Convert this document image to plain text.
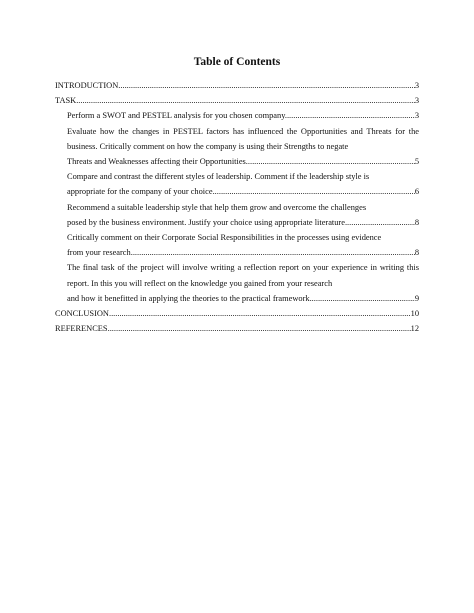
Table of Contents
INTRODUCTION .....	3
TASK .....	3
Perform a SWOT and PESTEL analysis for you chosen company. .....	3
Evaluate how the changes in PESTEL factors has influenced the Opportunities and Threats for the business. Critically comment on how the company is using their Strengths to negate
Threats and Weaknesses affecting their Opportunities. .....	5
Compare and contrast the different styles of leadership. Comment if the leadership style is
appropriate for the company of your choice .....	6
Recommend a suitable leadership style that help them grow and overcome the challenges
posed by the business environment. Justify your choice using appropriate literature .....	8
Critically comment on their Corporate Social Responsibilities in the processes using evidence
from your research .....	8
The final task of the project will involve writing a reflection report on your experience in writing this report. In this you will reflect on the knowledge you gained from your research
and how it benefitted in applying the theories to the practical framework .....	9
CONCLUSION .....	10
REFERENCES .....	12
